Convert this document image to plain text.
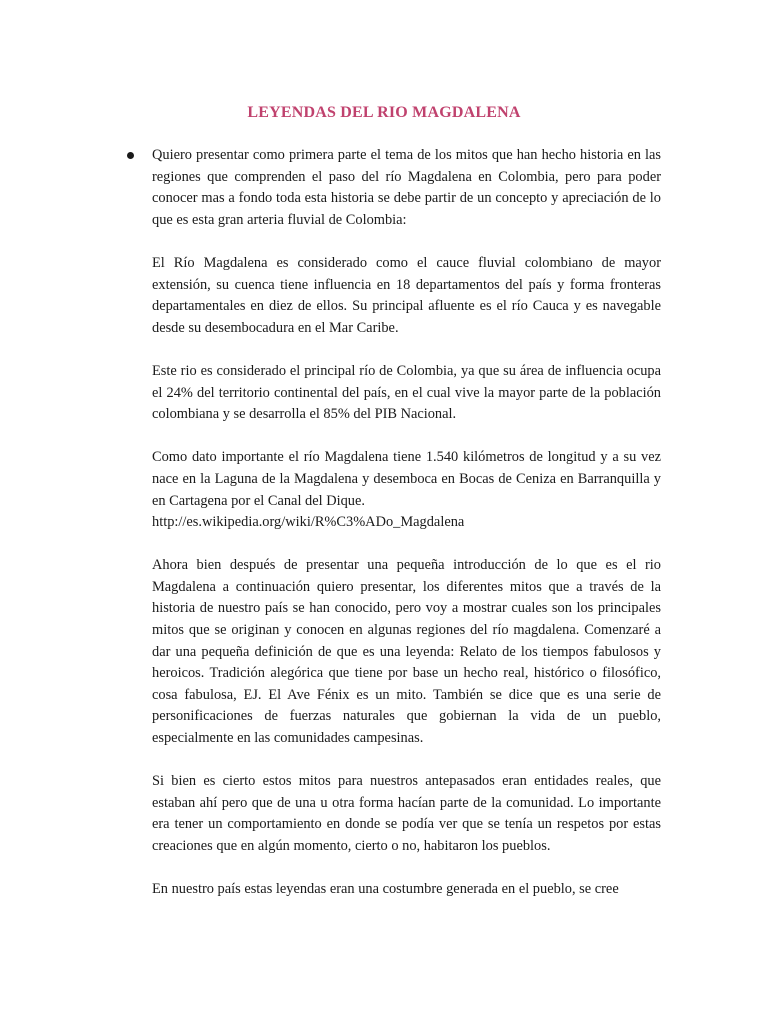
LEYENDAS DEL RIO MAGDALENA

Quiero presentar como primera parte el tema de los mitos que han hecho historia en las regiones que comprenden el paso del río Magdalena en Colombia, pero para poder conocer mas a fondo toda esta historia se debe partir de un concepto y apreciación de lo que es esta gran arteria fluvial de Colombia:

El Río Magdalena es considerado como el cauce fluvial colombiano de mayor extensión, su cuenca tiene influencia en 18 departamentos del país y forma fronteras departamentales en diez de ellos. Su principal afluente es el río Cauca y es navegable desde su desembocadura en el Mar Caribe.

Este rio es considerado el principal río de Colombia, ya que su área de influencia ocupa el 24% del territorio continental del país, en el cual vive la mayor parte de la población colombiana y se desarrolla el 85% del PIB Nacional.

Como dato importante el río Magdalena tiene 1.540 kilómetros de longitud y a su vez nace en la Laguna de la Magdalena y desemboca en Bocas de Ceniza en Barranquilla y en Cartagena por el Canal del Dique.

http://es.wikipedia.org/wiki/R%C3%ADo_Magdalena

Ahora bien después de presentar una pequeña introducción de lo que es el rio Magdalena a continuación quiero presentar, los diferentes mitos que a través de la historia de nuestro país se han conocido, pero voy a mostrar cuales son los principales mitos que se originan y conocen en algunas regiones del río magdalena. Comenzaré a dar una pequeña definición de que es una leyenda: Relato de los tiempos fabulosos y heroicos. Tradición alegórica que tiene por base un hecho real, histórico o filosófico, cosa fabulosa, EJ. El Ave Fénix es un mito. También se dice que es una serie de personificaciones de fuerzas naturales que gobiernan la vida de un pueblo, especialmente en las comunidades campesinas.

Si bien es cierto estos mitos para nuestros antepasados eran entidades reales, que estaban ahí pero que de una u otra forma hacían parte de la comunidad. Lo importante era tener un comportamiento en donde se podía ver que se tenía un respetos por estas creaciones que en algún momento, cierto o no, habitaron los pueblos.

En nuestro país estas leyendas eran una costumbre generada en el pueblo, se cree
